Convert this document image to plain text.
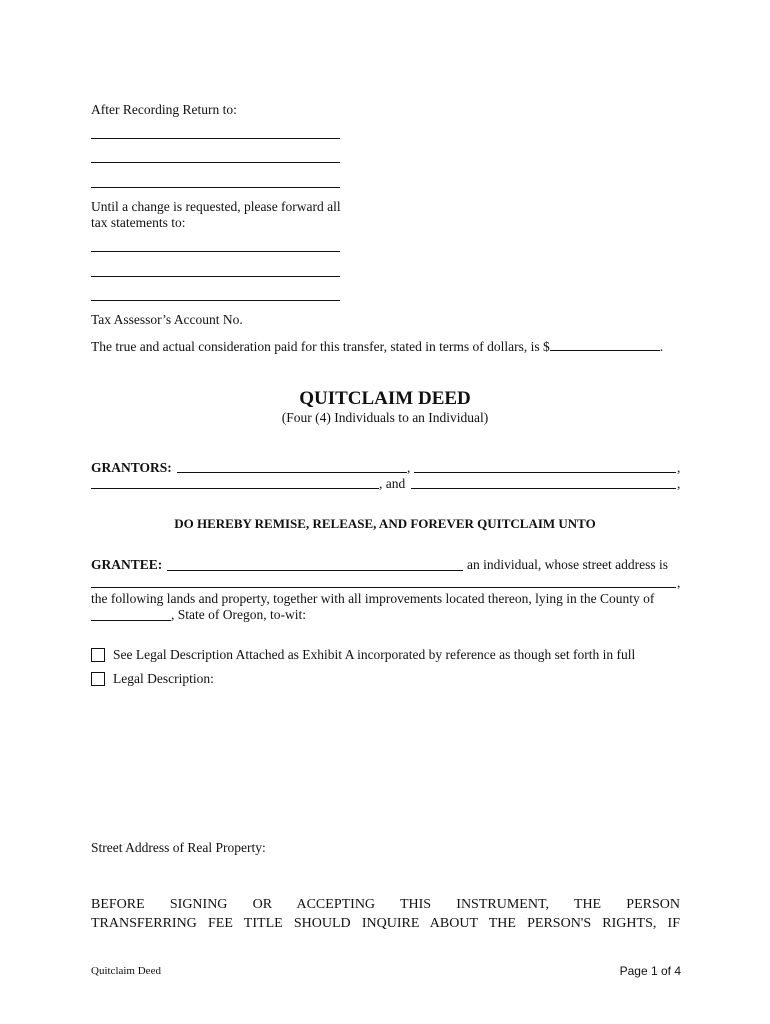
After Recording Return to:
Until a change is requested, please forward all
tax statements to:
Tax Assessor’s Account No.
The true and actual consideration paid for this transfer, stated in terms of dollars, is $	.
QUITCLAIM DEED
(Four (4) Individuals to an Individual)
GRANTORS:	,	,
, and	,
DO HEREBY REMISE, RELEASE, AND FOREVER QUITCLAIM UNTO
GRANTEE:	an individual, whose street address is
,
the following lands and property, together with all improvements located thereon, lying in the County of
, State of Oregon, to-wit:
See Legal Description Attached as Exhibit A incorporated by reference as though set forth in full
Legal Description:
Street Address of Real Property:
BEFORE SIGNING OR ACCEPTING THIS INSTRUMENT, THE PERSON
TRANSFERRING FEE TITLE SHOULD INQUIRE ABOUT THE PERSON'S RIGHTS, IF
Quitclaim Deed	Page 1 of 4
